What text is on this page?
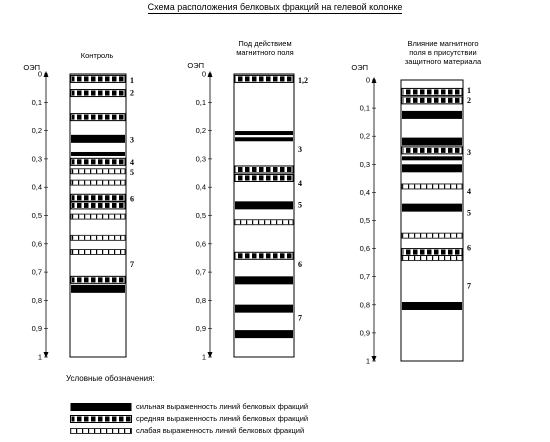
Схема расположения белковых фракций на гелевой колонке
Контроль
ОЭП
0
0,1
0,2
0,3
0,4
0,5
0,6
0,7
0,8
0,9
1
1
2
3
4
5
6
7
Под действием
магнитного поля
ОЭП
0
0,1
0,2
0,3
0,4
0,5
0,6
0,7
0,8
0,9
1
1,2
3
4
5
6
7
Влияние магнитного
поля в присутствии
защитного материала
ОЭП
0
0,1
0,2
0,3
0,4
0,5
0,6
0,7
0,8
0,9
1
1
2
3
4
5
6
7
Условные обозначения:
сильная выраженность линий белковых фракций
средняя выраженность линий белковых фракций
слабая выраженность линий белковых фракций
